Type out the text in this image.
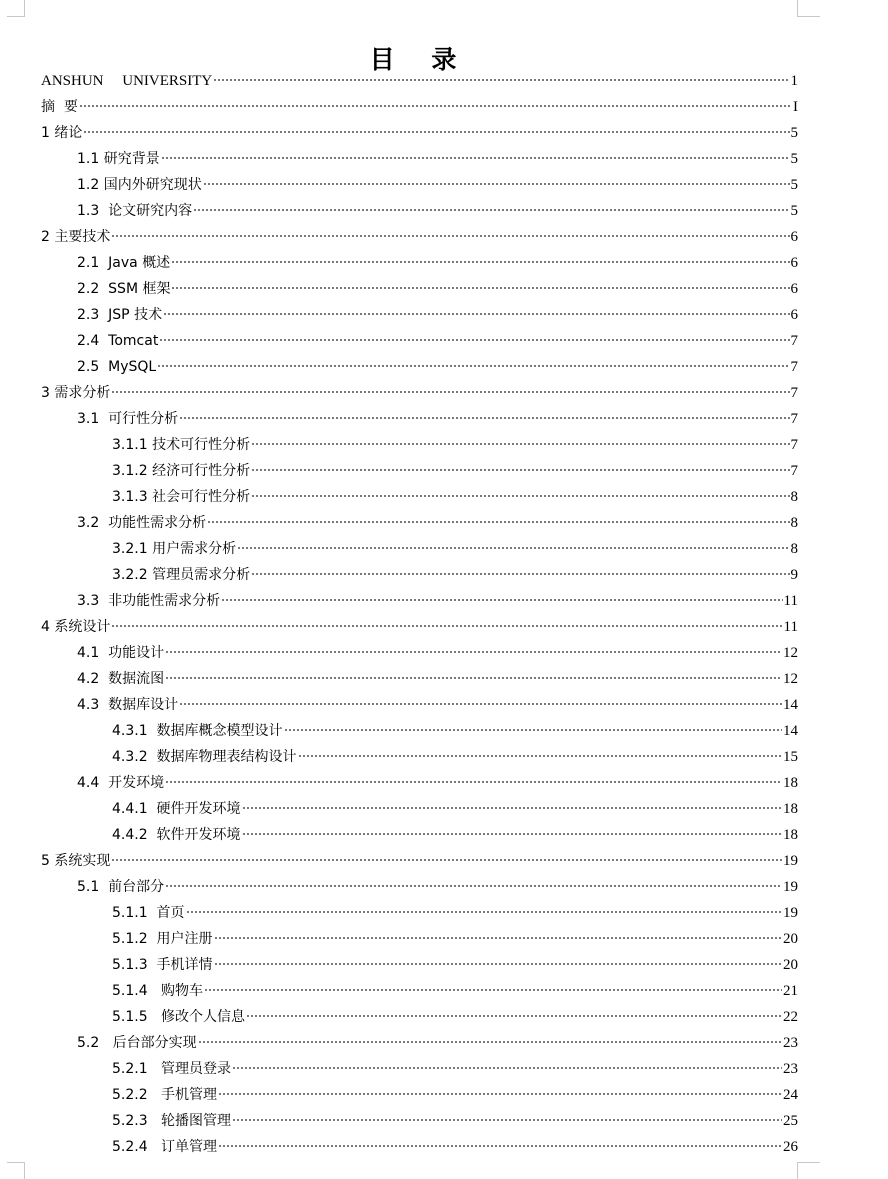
目 录
ANSHUN     UNIVERSITY	1
摘  要	I
1 绪论	5
1.1 研究背景	5
1.2 国内外研究现状	5
1.3  论文研究内容	5
2 主要技术	6
2.1  Java 概述	6
2.2  SSM 框架	6
2.3  JSP 技术	6
2.4  Tomcat	7
2.5  MySQL	7
3 需求分析	7
3.1  可行性分析	7
3.1.1 技术可行性分析	7
3.1.2 经济可行性分析	7
3.1.3 社会可行性分析	8
3.2  功能性需求分析	8
3.2.1 用户需求分析	8
3.2.2 管理员需求分析	9
3.3  非功能性需求分析	11
4 系统设计	11
4.1  功能设计	12
4.2  数据流图	12
4.3  数据库设计	14
4.3.1  数据库概念模型设计	14
4.3.2  数据库物理表结构设计	15
4.4  开发环境	18
4.4.1  硬件开发环境	18
4.4.2  软件开发环境	18
5 系统实现	19
5.1  前台部分	19
5.1.1  首页	19
5.1.2  用户注册	20
5.1.3  手机详情	20
5.1.4   购物车	21
5.1.5   修改个人信息	22
5.2   后台部分实现	23
5.2.1   管理员登录	23
5.2.2   手机管理	24
5.2.3   轮播图管理	25
5.2.4   订单管理	26
